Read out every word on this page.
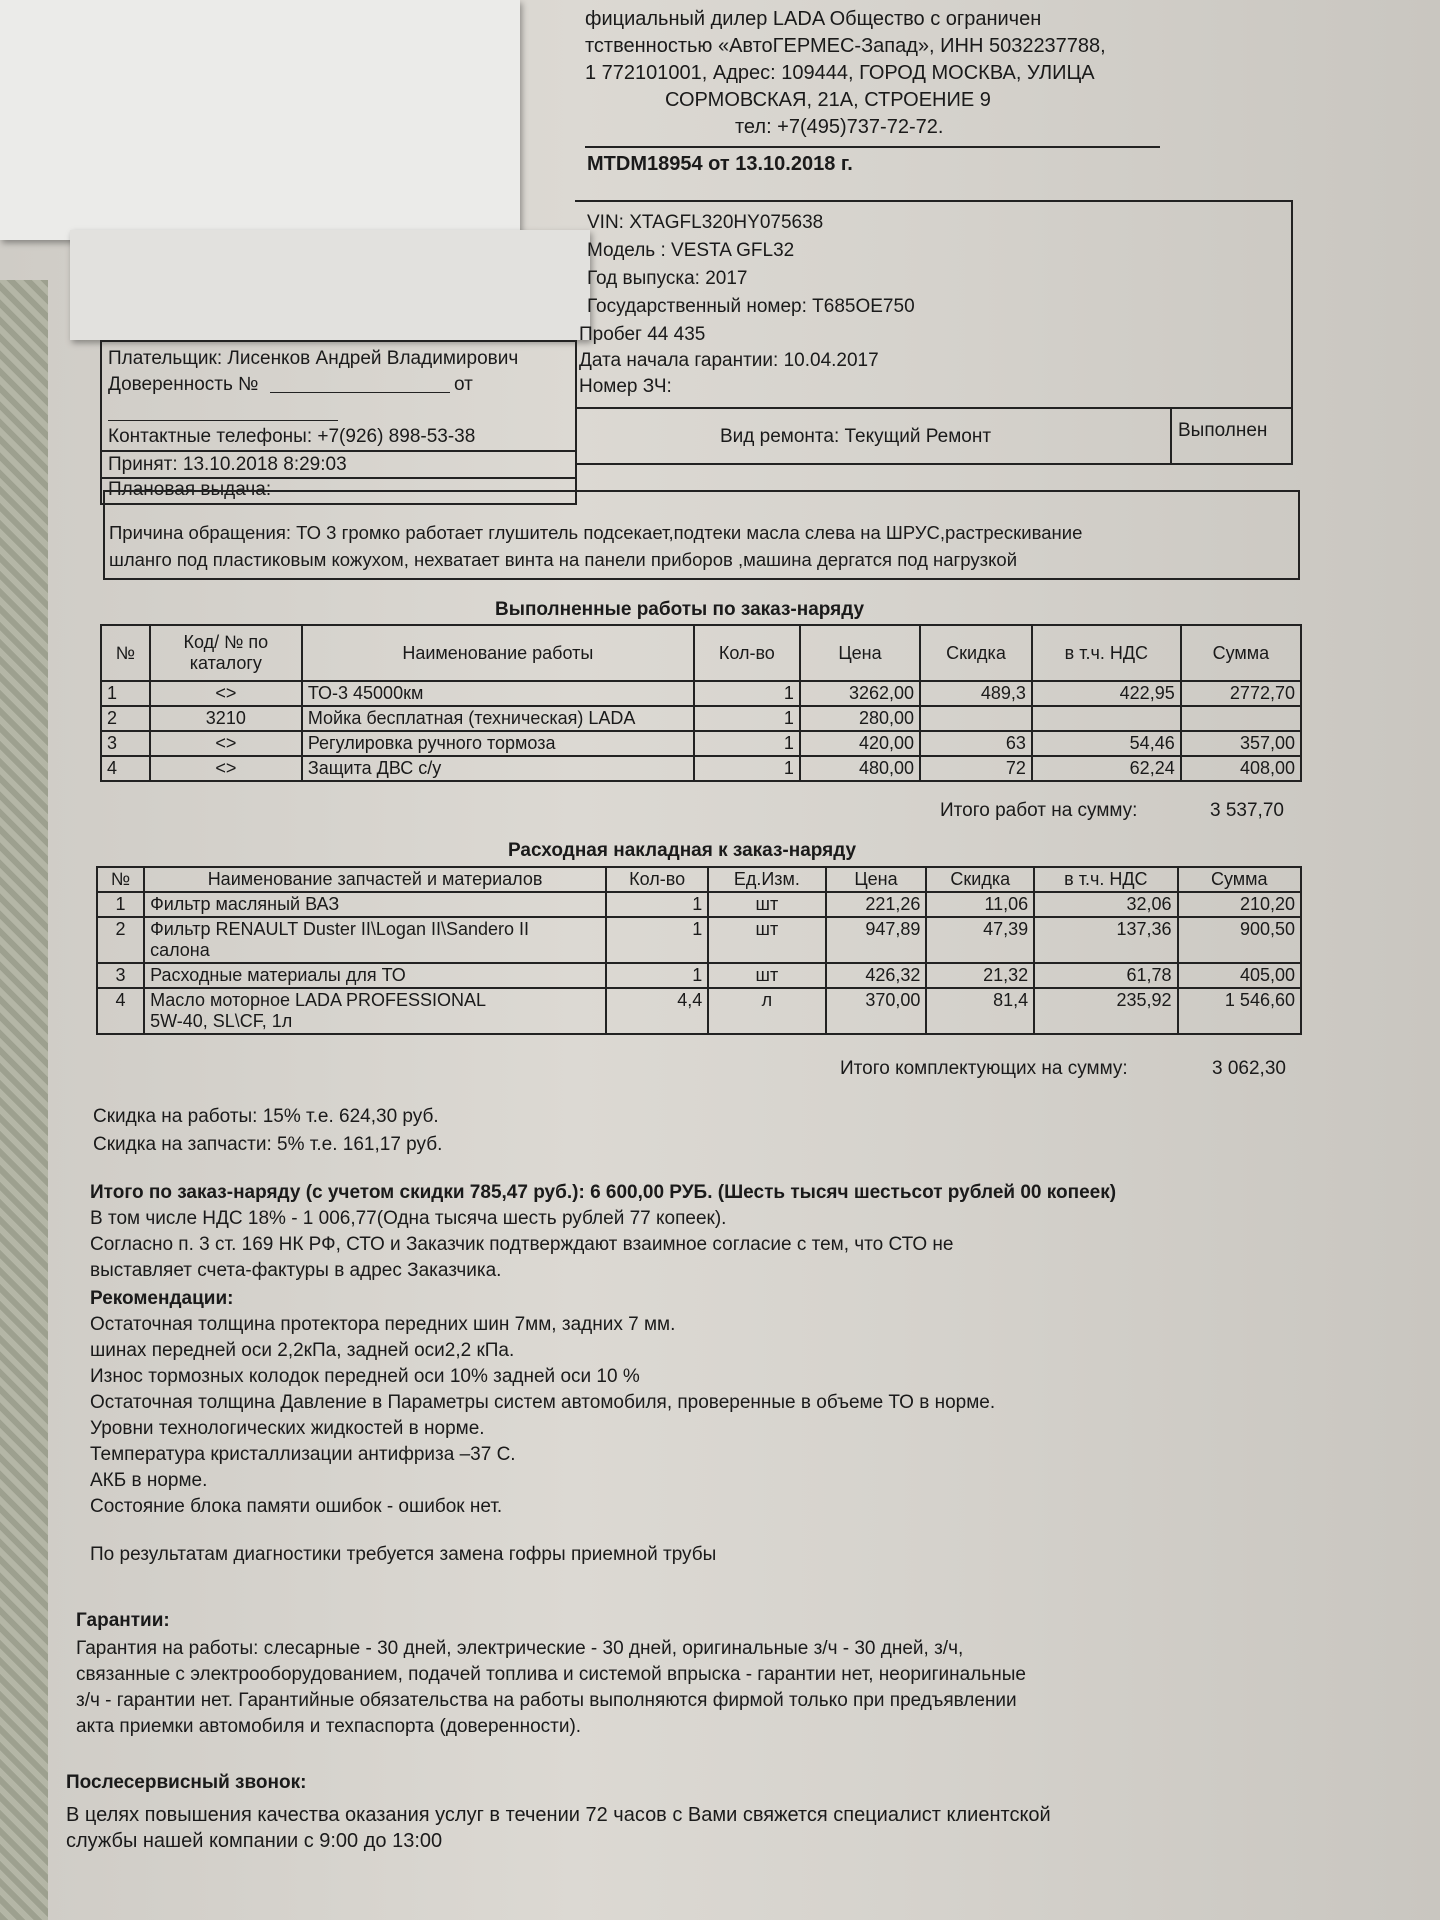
фициальный дилер LADA Общество с ограничен
тственностью «АвтоГЕРМЕС-Запад», ИНН 5032237788,
1 772101001, Адрес: 109444, ГОРОД МОСКВА, УЛИЦА
СОРМОВСКАЯ, 21А, СТРОЕНИЕ 9
тел: +7(495)737-72-72.
MTDM18954 от 13.10.2018 г.
VIN: XTAGFL320HY075638
Модель : VESTA GFL32
Год выпуска: 2017
Государственный номер: Т685ОЕ750
Пробег 44 435
Дата начала гарантии: 10.04.2017
Номер ЗЧ:
Вид ремонта: Текущий Ремонт	Выполнен
Плательщик: Лисенков Андрей Владимирович
Доверенность №	от
Контактные телефоны: +7(926) 898-53-38
Принят: 13.10.2018 8:29:03
Плановая выдача:
Причина обращения: ТО 3 громко работает глушитель подсекает,подтеки масла слева на ШРУС,растрескивание
шланго под пластиковым кожухом, нехватает винта на панели приборов ,машина дергатся под нагрузкой
Выполненные работы по заказ-наряду
№	Код/ № по каталогу	Наименование работы	Кол-во	Цена	Скидка	в т.ч. НДС	Сумма
1	<>	ТО-3 45000км	1	3262,00	489,3	422,95	2772,70
2	3210	Мойка бесплатная (техническая) LADA	1	280,00			
3	<>	Регулировка ручного тормоза	1	420,00	63	54,46	357,00
4	<>	Защита ДВС с/у	1	480,00	72	62,24	408,00
Итого работ на сумму:	3 537,70
Расходная накладная к заказ-наряду
№	Наименование запчастей и материалов	Кол-во	Ед.Изм.	Цена	Скидка	в т.ч. НДС	Сумма
1	Фильтр масляный ВАЗ	1	шт	221,26	11,06	32,06	210,20
2	Фильтр RENAULT Duster II\Logan II\Sandero II
салона	1	шт	947,89	47,39	137,36	900,50
3	Расходные материалы для ТО	1	шт	426,32	21,32	61,78	405,00
4	Масло моторное LADA PROFESSIONAL
5W-40, SL\CF, 1л	4,4	л	370,00	81,4	235,92	1 546,60
Итого комплектующих на сумму:	3 062,30
Скидка на работы: 15% т.е. 624,30 руб.
Скидка на запчасти: 5% т.е. 161,17 руб.
Итого по заказ-наряду (с учетом скидки 785,47 руб.): 6 600,00 РУБ. (Шесть тысяч шестьсот рублей 00 копеек)
В том числе НДС 18% - 1 006,77(Одна тысяча шесть рублей 77 копеек).
Согласно п. 3 ст. 169 НК РФ, СТО и Заказчик подтверждают взаимное согласие с тем, что СТО не
выставляет счета-фактуры в адрес Заказчика.
Рекомендации:
Остаточная толщина протектора передних шин 7мм, задних 7 мм.
шинах передней оси 2,2кПа, задней оси2,2 кПа.
Износ тормозных колодок передней оси 10% задней оси 10 %
Остаточная толщина Давление в Параметры систем автомобиля, проверенные в объеме ТО в норме.
Уровни технологических жидкостей в норме.
Температура кристаллизации антифриза –37 С.
АКБ в норме.
Состояние блока памяти ошибок - ошибок нет.
По результатам диагностики требуется замена гофры приемной трубы
Гарантии:
Гарантия на работы: слесарные - 30 дней, электрические - 30 дней, оригинальные з/ч - 30 дней, з/ч,
связанные с электрооборудованием, подачей топлива и системой впрыска - гарантии нет, неоригинальные
з/ч - гарантии нет. Гарантийные обязательства на работы выполняются фирмой только при предъявлении
акта приемки автомобиля и техпаспорта (доверенности).
Послесервисный звонок:
В целях повышения качества оказания услуг в течении 72 часов с Вами свяжется специалист клиентской
службы нашей компании с 9:00 до 13:00
